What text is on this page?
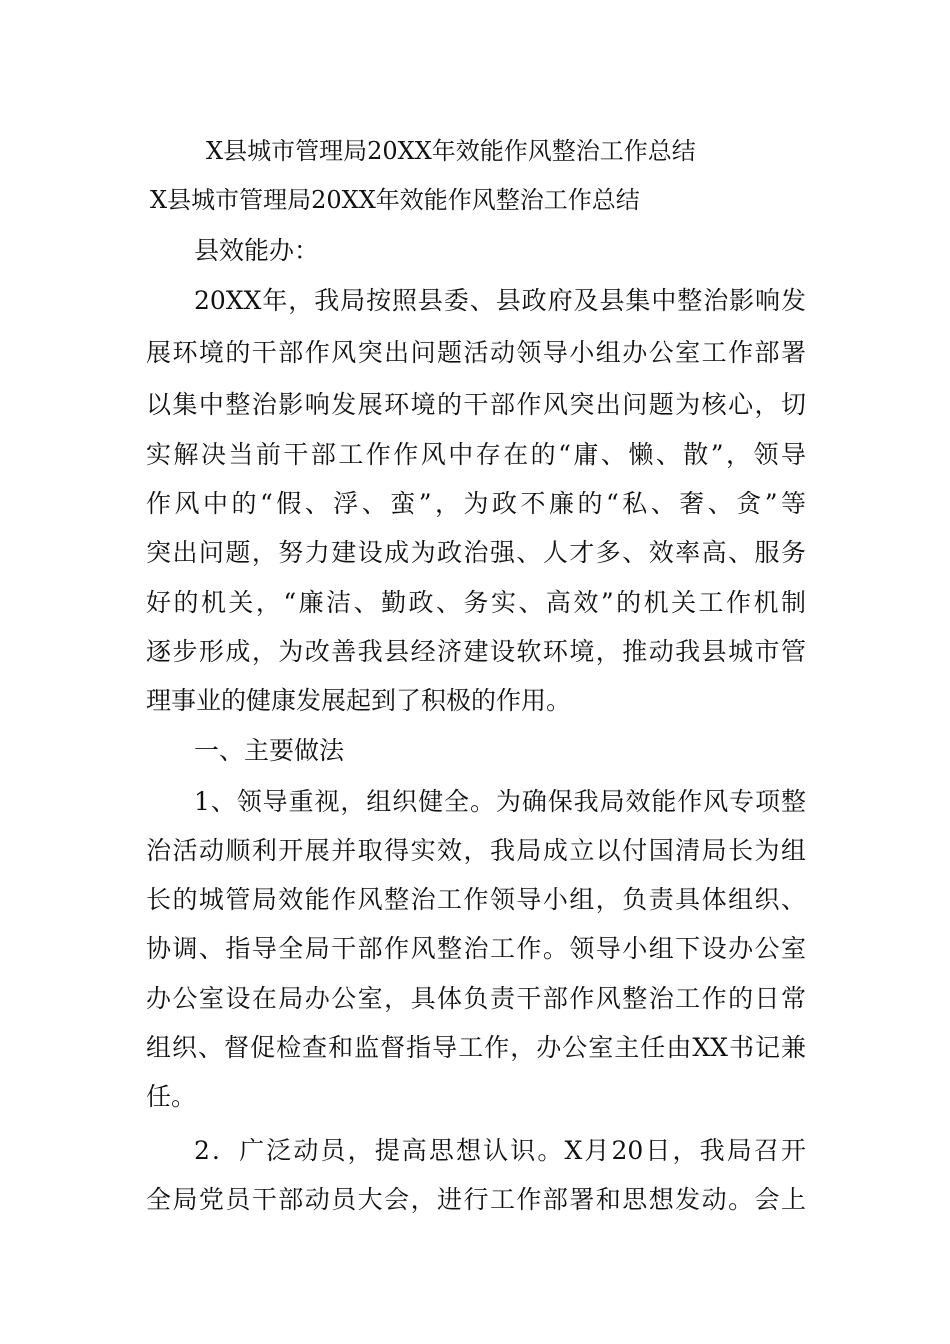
X县城市管理局20XX年效能作风整治工作总结
X县城市管理局20XX年效能作风整治工作总结
县效能办：
20XX年，我局按照县委、县政府及县集中整治影响发
展环境的干部作风突出问题活动领导小组办公室工作部署
以集中整治影响发展环境的干部作风突出问题为核心，切
实解决当前干部工作作风中存在的“庸、懒、散”，领导
作风中的“假、浮、蛮”，为政不廉的“私、奢、贪”等
突出问题，努力建设成为政治强、人才多、效率高、服务
好的机关，“廉洁、勤政、务实、高效”的机关工作机制
逐步形成，为改善我县经济建设软环境，推动我县城市管
理事业的健康发展起到了积极的作用。
一、主要做法
1、领导重视，组织健全。为确保我局效能作风专项整
治活动顺利开展并取得实效，我局成立以付国清局长为组
长的城管局效能作风整治工作领导小组，负责具体组织、
协调、指导全局干部作风整治工作。领导小组下设办公室
办公室设在局办公室，具体负责干部作风整治工作的日常
组织、督促检查和监督指导工作，办公室主任由XX书记兼
任。
2．广泛动员，提高思想认识。X月20日，我局召开
全局党员干部动员大会，进行工作部署和思想发动。会上
